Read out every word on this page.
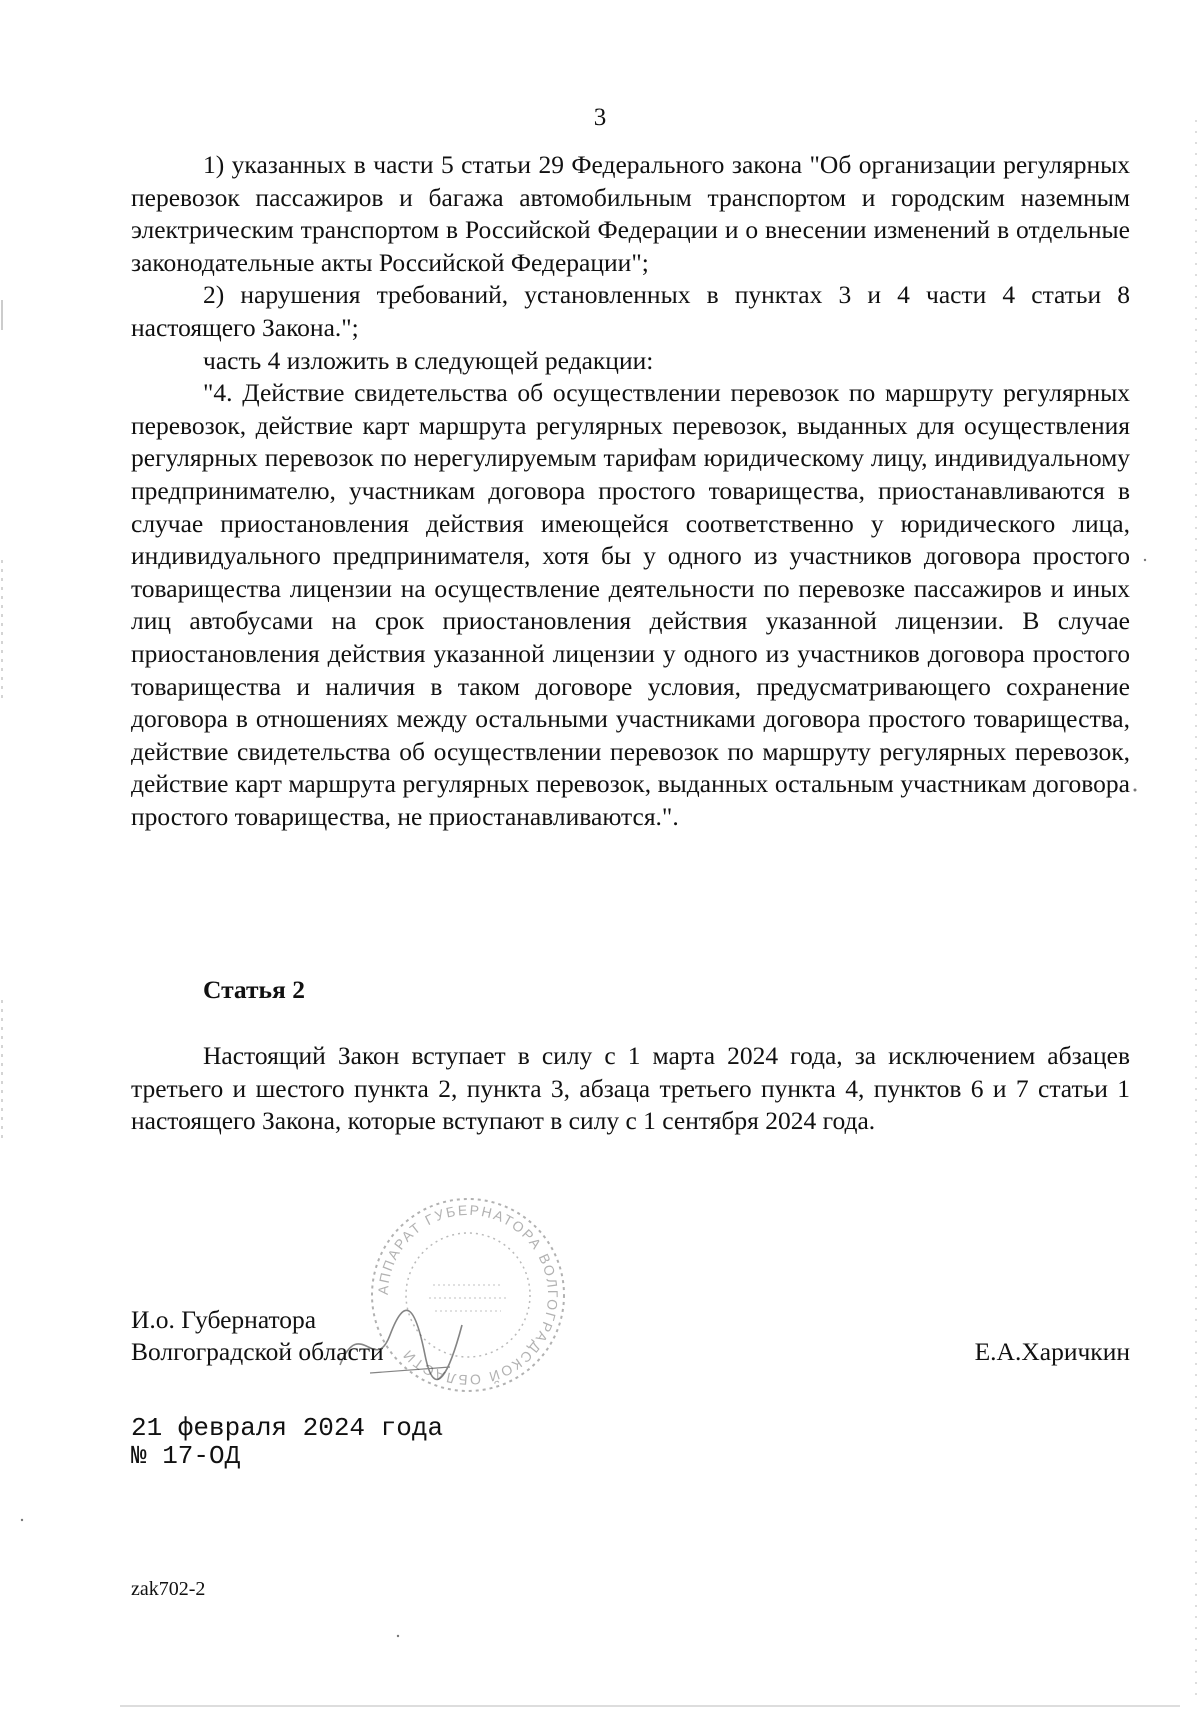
3

1) указанных в части 5 статьи 29 Федерального закона "Об организации регулярных перевозок пассажиров и багажа автомобильным транспортом и городским наземным электрическим транспортом в Российской Федерации и о внесении изменений в отдельные законодательные акты Российской Федерации";

2) нарушения требований, установленных в пунктах 3 и 4 части 4 статьи 8 настоящего Закона.";

часть 4 изложить в следующей редакции:

"4. Действие свидетельства об осуществлении перевозок по маршруту регулярных перевозок, действие карт маршрута регулярных перевозок, выданных для осуществления регулярных перевозок по нерегулируемым тарифам юридическому лицу, индивидуальному предпринимателю, участникам договора простого товарищества, приостанавливаются в случае приостановления действия имеющейся соответственно у юридического лица, индивидуального предпринимателя, хотя бы у одного из участников договора простого товарищества лицензии на осуществление деятельности по перевозке пассажиров и иных лиц автобусами на срок приостановления действия указанной лицензии. В случае приостановления действия указанной лицензии у одного из участников договора простого товарищества и наличия в таком договоре условия, предусматривающего сохранение договора в отношениях между остальными участниками договора простого товарищества, действие свидетельства об осуществлении перевозок по маршруту регулярных перевозок, действие карт маршрута регулярных перевозок, выданных остальным участникам договора простого товарищества, не приостанавливаются.".

Статья 2

Настоящий Закон вступает в силу с 1 марта 2024 года, за исключением абзацев третьего и шестого пункта 2, пункта 3, абзаца третьего пункта 4, пунктов 6 и 7 статьи 1 настоящего Закона, которые вступают в силу с 1 сентября 2024 года.

АППАРАТ ГУБЕРНАТОРА ВОЛГОГРАДСКОЙ ОБЛАСТИ
И.о. Губернатора
Волгоградской области	Е.А.Харичкин
21 февраля 2024 года
№ 17-ОД
zak702-2
